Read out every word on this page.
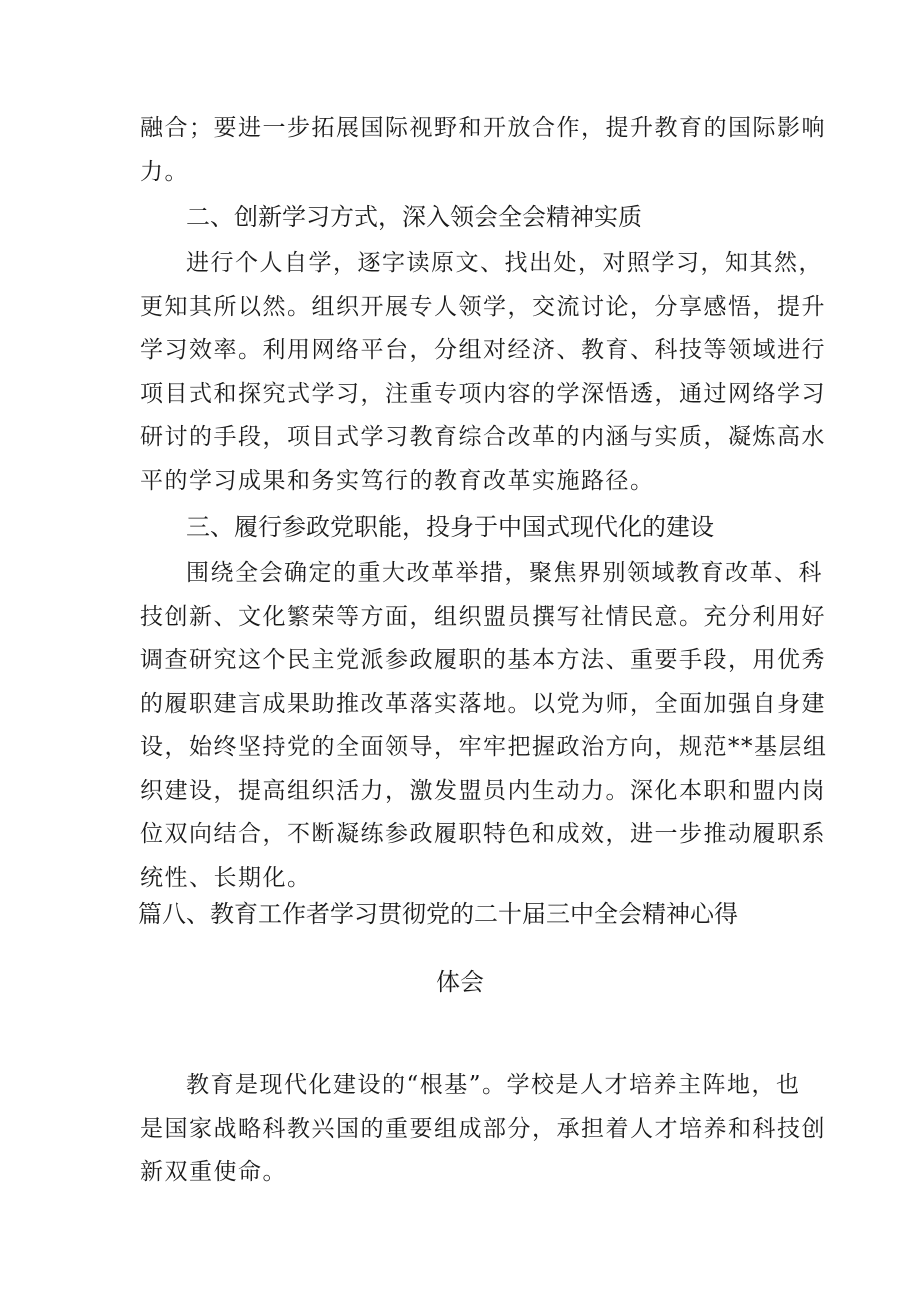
融合；要进一步拓展国际视野和开放合作，提升教育的国际影响
力。
二、创新学习方式，深入领会全会精神实质
进行个人自学，逐字读原文、找出处，对照学习，知其然，
更知其所以然。组织开展专人领学，交流讨论，分享感悟，提升
学习效率。利用网络平台，分组对经济、教育、科技等领域进行
项目式和探究式学习，注重专项内容的学深悟透，通过网络学习
研讨的手段，项目式学习教育综合改革的内涵与实质，凝炼高水
平的学习成果和务实笃行的教育改革实施路径。
三、履行参政党职能，投身于中国式现代化的建设
围绕全会确定的重大改革举措，聚焦界别领域教育改革、科
技创新、文化繁荣等方面，组织盟员撰写社情民意。充分利用好
调查研究这个民主党派参政履职的基本方法、重要手段，用优秀
的履职建言成果助推改革落实落地。以党为师，全面加强自身建
设，始终坚持党的全面领导，牢牢把握政治方向，规范**基层组
织建设，提高组织活力，激发盟员内生动力。深化本职和盟内岗
位双向结合，不断凝练参政履职特色和成效，进一步推动履职系
统性、长期化。
篇八、教育工作者学习贯彻党的二十届三中全会精神心得
体会
教育是现代化建设的“根基”。学校是人才培养主阵地，也
是国家战略科教兴国的重要组成部分，承担着人才培养和科技创
新双重使命。
